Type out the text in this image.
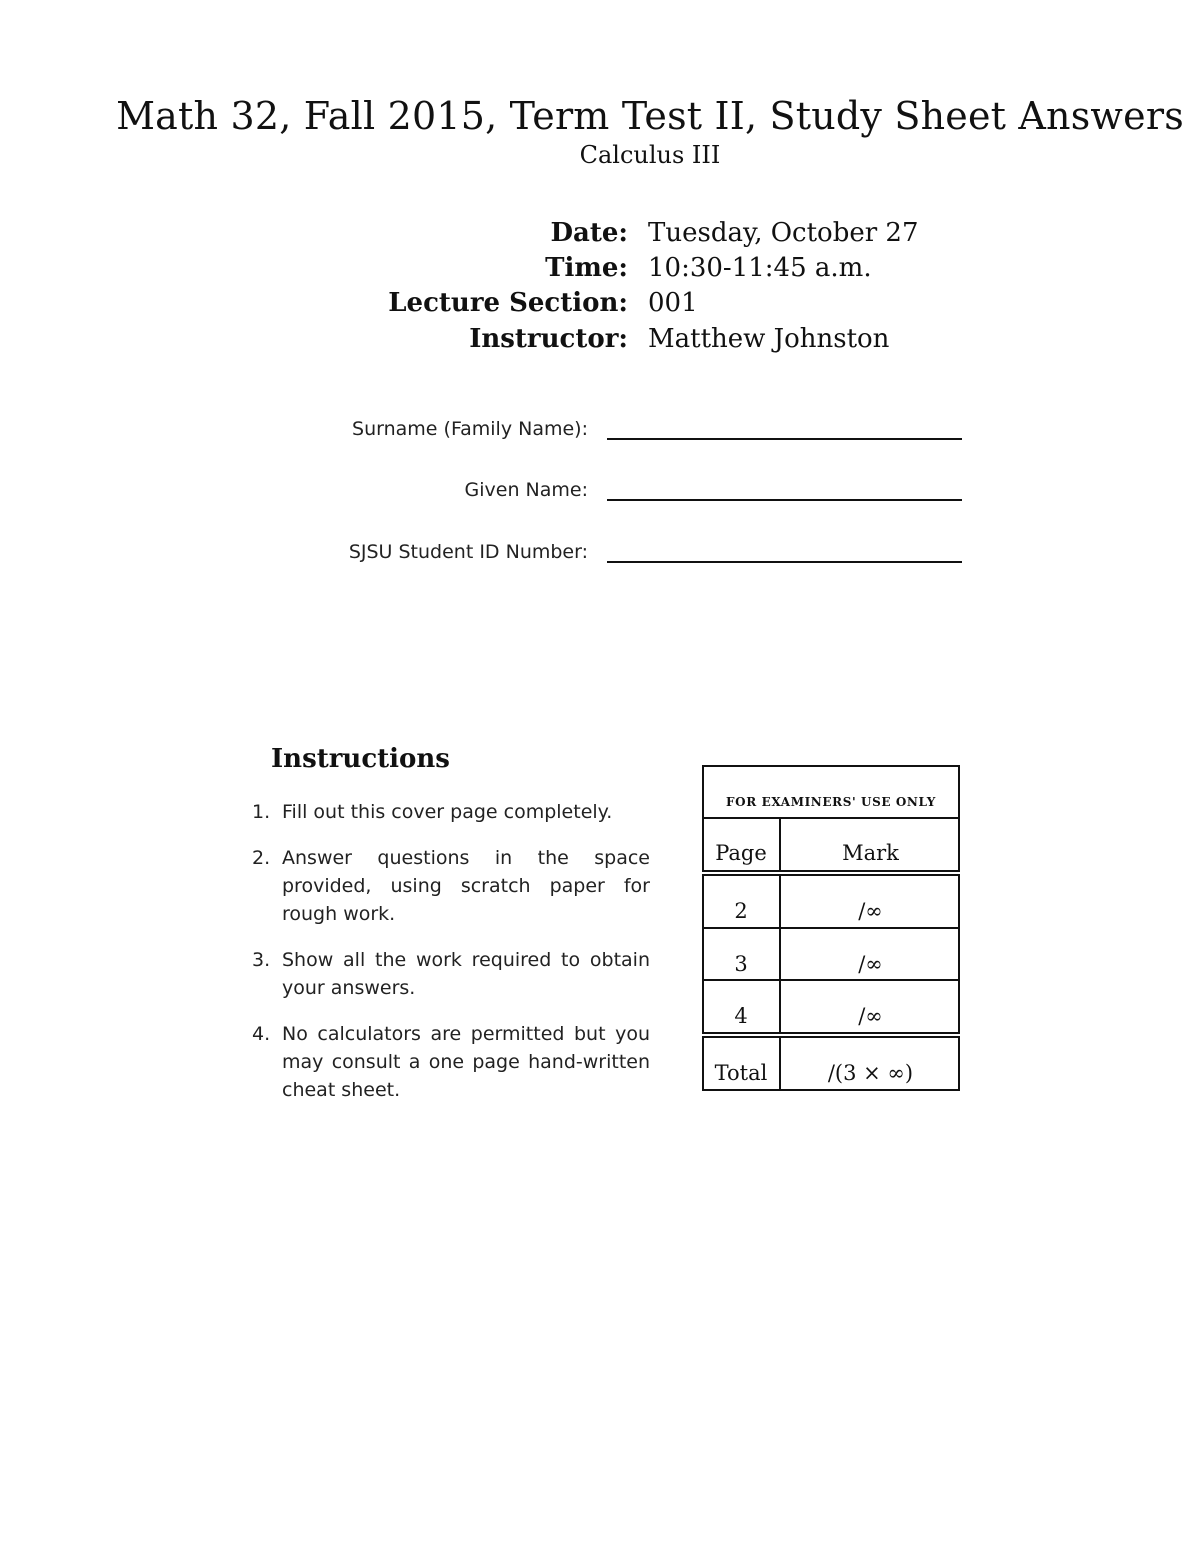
Math 32, Fall 2015, Term Test II, Study Sheet Answers
Calculus III
Date: Tuesday, October 27
Time: 10:30-11:45 a.m.
Lecture Section: 001
Instructor: Matthew Johnston
Surname (Family Name):
Given Name:
SJSU Student ID Number:
Instructions
1. Fill out this cover page completely.
2. Answer questions in the space provided, using scratch paper for rough work.
3. Show all the work required to obtain your answers.
4. No calculators are permitted but you may consult a one page hand-written cheat sheet.
FOR EXAMINERS' USE ONLY
Page	Mark
2	/∞
3	/∞
4	/∞
Total	/(3 × ∞)
